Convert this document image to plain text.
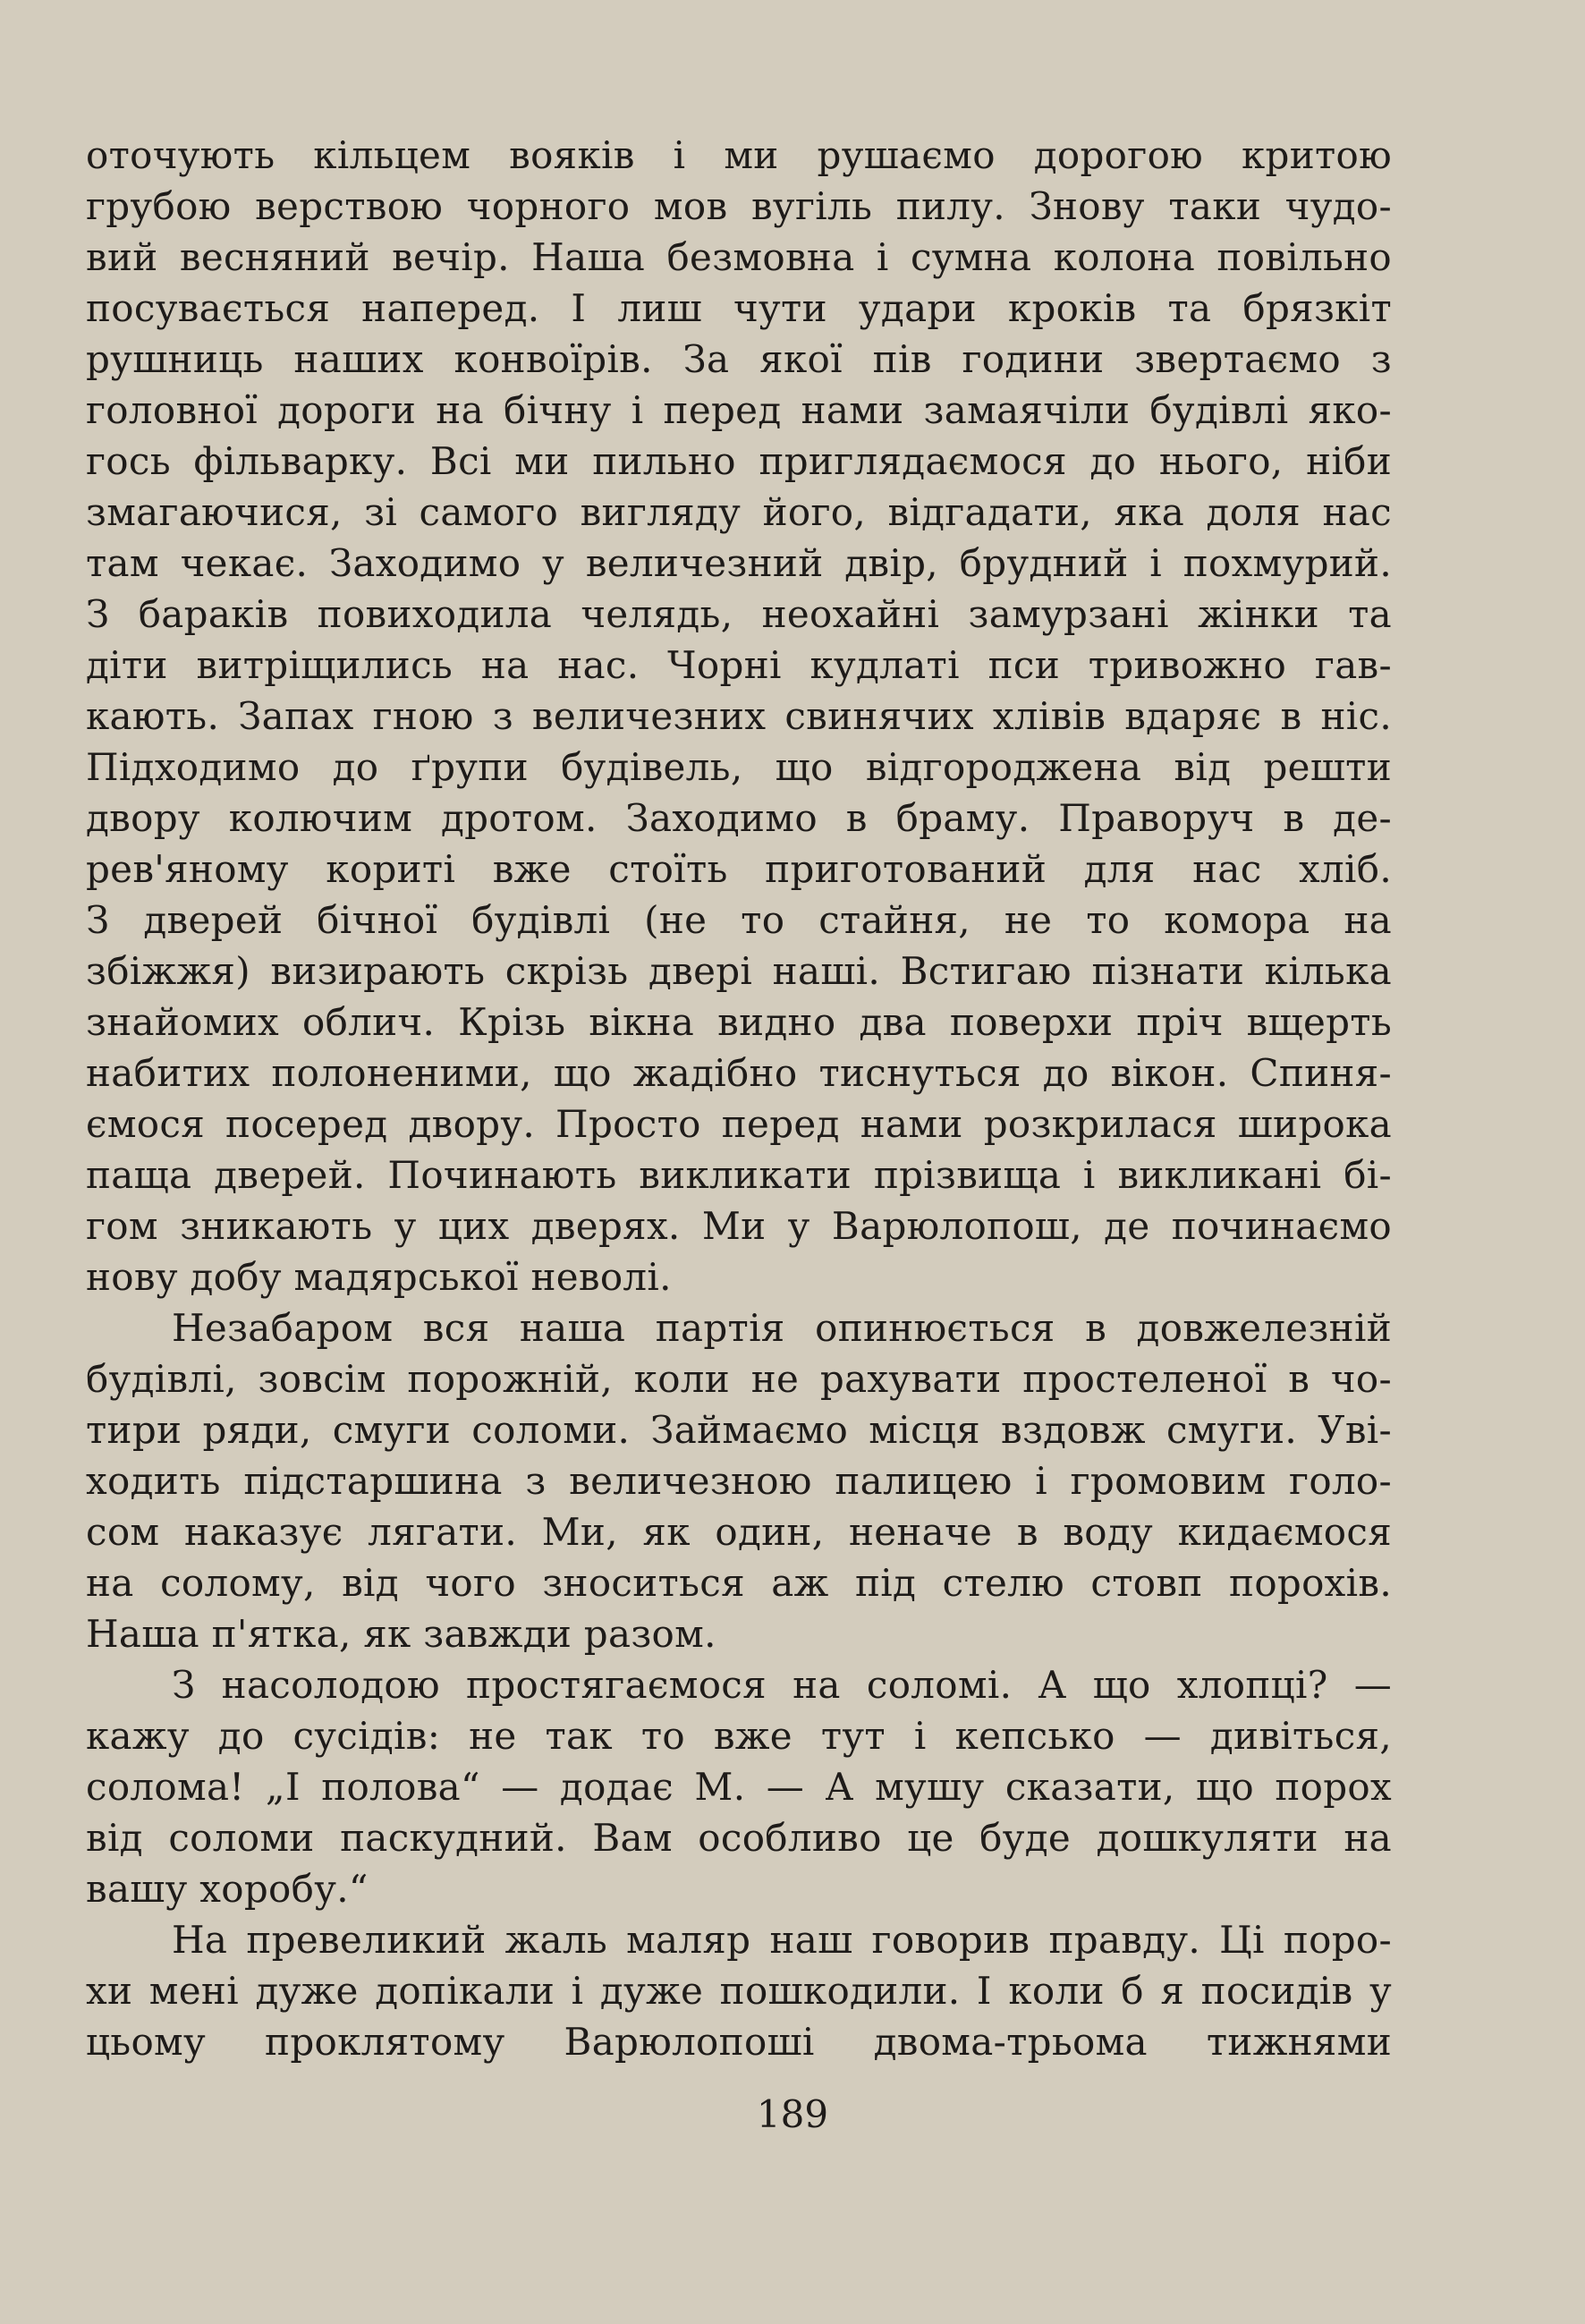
оточують кільцем вояків і ми рушаємо дорогою критою
грубою верствою чорного мов вугіль пилу. Знову таки чудо-
вий весняний вечір. Наша безмовна і сумна колона повільно
посувається наперед. І лиш чути удари кроків та брязкіт
рушниць наших конвоїрів. За якої пів години звертаємо з
головної дороги на бічну і перед нами замаячіли будівлі яко-
гось фільварку. Всі ми пильно приглядаємося до нього, ніби
змагаючися, зі самого вигляду його, відгадати, яка доля нас
там чекає. Заходимо у величезний двір, брудний і похмурий.
З бараків повиходила челядь, неохайні замурзані жінки та
діти витріщились на нас. Чорні кудлаті пси тривожно гав-
кають. Запах гною з величезних свинячих хлівів вдаряє в ніс.
Підходимо до ґрупи будівель, що відгороджена від решти
двору колючим дротом. Заходимо в браму. Праворуч в де-
рев'яному кориті вже стоїть приготований для нас хліб.
З дверей бічної будівлі (не то стайня, не то комора на
збіжжя) визирають скрізь двері наші. Встигаю пізнати кілька
знайомих облич. Крізь вікна видно два поверхи пріч вщерть
набитих полоненими, що жадібно тиснуться до вікон. Спиня-
ємося посеред двору. Просто перед нами розкрилася широка
паща дверей. Починають викликати прізвища і викликані бі-
гом зникають у цих дверях. Ми у Варюлопош, де починаємо
нову добу мадярської неволі.
Незабаром вся наша партія опинюється в довжелезній
будівлі, зовсім порожній, коли не рахувати простеленої в чо-
тири ряди, смуги соломи. Займаємо місця вздовж смуги. Уві-
ходить підстаршина з величезною палицею і громовим голо-
сом наказує лягати. Ми, як один, неначе в воду кидаємося
на солому, від чого зноситься аж під стелю стовп порохів.
Наша п'ятка, як завжди разом.
З насолодою простягаємося на соломі. А що хлопці? —
кажу до сусідів: не так то вже тут і кепсько — дивіться,
солома! „І полова“ — додає М. — А мушу сказати, що порох
від соломи паскудний. Вам особливо це буде дошкуляти на
вашу хоробу.“
На превеликий жаль маляр наш говорив правду. Ці поро-
хи мені дуже допікали і дуже пошкодили. І коли б я посидів у
цьому проклятому Варюлопоші двома-трьома тижнями
189
